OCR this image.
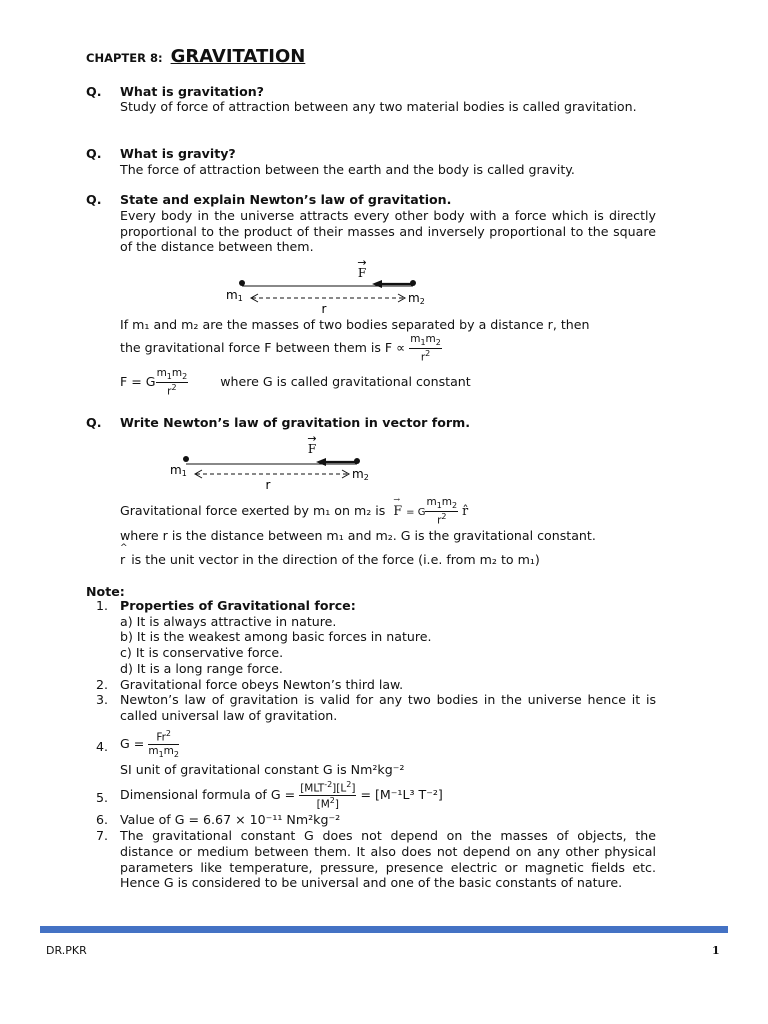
CHAPTER 8: GRAVITATION
Q. What is gravitation?
Study of force of attraction between any two material bodies is called gravitation.
Q. What is gravity?
The force of attraction between the earth and the body is called gravity.
Q. State and explain Newton’s law of gravitation.
Every body in the universe attracts every other body with a force which is directly proportional to the product of their masses and inversely proportional to the square of the distance between them.
→
F
m1	m2
r
If m₁ and m₂ are the masses of two bodies separated by a distance r, then
the gravitational force F between them is $F \propto \frac{m_1m_2}{r^2}$
F = G $\frac{m_1m_2}{r^2}$	where G is called gravitational constant
Q. Write Newton’s law of gravitation in vector form.
→
F
m1	m2
r
Gravitational force exerted by m₁ on m₂ is F
→
= G $\frac{m_1m_2}{r^2}$ r̂
where r is the distance between m₁ and m₂. G is the gravitational constant.
r
^
is the unit vector in the direction of the force (i.e. from m₂ to m₁)
Note:
1. Properties of Gravitational force:
a) It is always attractive in nature.
b) It is the weakest among basic forces in nature.
c) It is conservative force.
d) It is a long range force.
2. Gravitational force obeys Newton’s third law.
3. Newton’s law of gravitation is valid for any two bodies in the universe hence it is called universal law of gravitation.
4. $G = \frac{Fr^2}{m_1m_2}$
SI unit of gravitational constant G is Nm²kg⁻²
5. Dimensional formula of $G = \frac{[MLT^{-2}][L^2]}{[M^2]} = [M^{-1}L^3$ T⁻²]
6. Value of G = 6.67 × 10⁻¹¹ Nm²kg⁻²
7. The gravitational constant G does not depend on the masses of objects, the distance or medium between them. It also does not depend on any other physical parameters like temperature, pressure, presence electric or magnetic fields etc. Hence G is considered to be universal and one of the basic constants of nature.
DR.PKR	1
